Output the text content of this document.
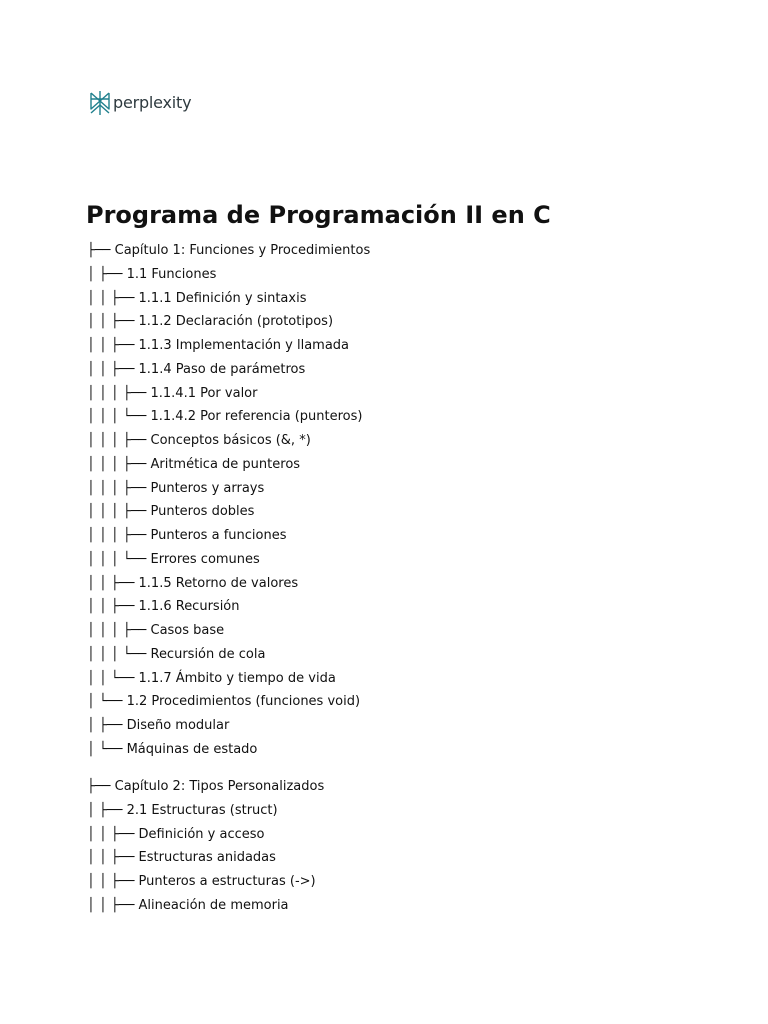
perplexity
Programa de Programación II en C
├── Capítulo 1: Funciones y Procedimientos
│ ├── 1.1 Funciones
│ │ ├── 1.1.1 Definición y sintaxis
│ │ ├── 1.1.2 Declaración (prototipos)
│ │ ├── 1.1.3 Implementación y llamada
│ │ ├── 1.1.4 Paso de parámetros
│ │ │ ├── 1.1.4.1 Por valor
│ │ │ └── 1.1.4.2 Por referencia (punteros)
│ │ │ ├── Conceptos básicos (&, *)
│ │ │ ├── Aritmética de punteros
│ │ │ ├── Punteros y arrays
│ │ │ ├── Punteros dobles
│ │ │ ├── Punteros a funciones
│ │ │ └── Errores comunes
│ │ ├── 1.1.5 Retorno de valores
│ │ ├── 1.1.6 Recursión
│ │ │ ├── Casos base
│ │ │ └── Recursión de cola
│ │ └── 1.1.7 Ámbito y tiempo de vida
│ └── 1.2 Procedimientos (funciones void)
│ ├── Diseño modular
│ └── Máquinas de estado
├── Capítulo 2: Tipos Personalizados
│ ├── 2.1 Estructuras (struct)
│ │ ├── Definición y acceso
│ │ ├── Estructuras anidadas
│ │ ├── Punteros a estructuras (->)
│ │ ├── Alineación de memoria
